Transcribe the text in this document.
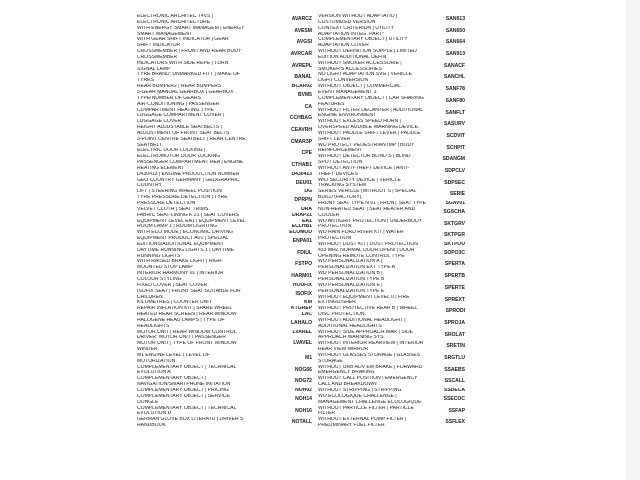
ELECTRONIC ARCHITEC T4VS |
ELECTRONIC ARCHITECTURE
WITH ENERGY SMART MANAGEM | ENERGY
SMART MANAGEMENT
WITH GEAR SHIFT INDICATOR | GEAR
SHIFT INDICATOR
CROSSMEMBER | FRONT AND REAR BODY
CROSSMEMBER
INDICATORS WITH SIDE REPE | TURN
SIGNAL LAMP
TYRE BRAND: UNMARKED FITT | MAKE OF
TYRES
REAR BUMPER2 | REAR BUMPERS
5-GEAR MANUAL GEARBOX | GEARBOX
TYPE/NUMBER OF GEARS
AIR-CONDITIONING | PASSENGER
COMPARTMENT HEATING TYPE
LUGGAGE COMPARTMENT COVER |
LUGGAGE COVER
HEIGHT ADJUSTABLE SEATBELTS |
ADJUSTMENT OF FRONT SEAT BELTS
3-POINT CENTRE SEATBELT | REAR CENTRE
SEATBELT.
ELECTRIC DOOR LOCKING |
ELECTROMOTOR DOOR LOCKING
PASSENGER COMPARTMENT HEA | ENGINE
HEATING ELEMENT
D430413 | ENGINE PRODUCTION NUMBER
GEO COUNTRY GERMANY | GEOGRAPHIC
COUNTRY
LIFT | STEERING WHEEL POSITION
TYRE PRESSURE DETECTION | TYRE
PRESSURE DETECTION
VELVET CLOTH | SEAT TRIMS
FABRIC SEAT-LINING K 21 | SEAT COVERS
EQUIPMENT LEVEL EA1 | EQUIPMENT LEVEL
ROOM LAMP 1 | ROOM LIGHTING
WITH ECO MODE | ECONOMIC DRIVING
EQUIPMENT PRODUCT A01 | SPECIAL
EDITIONS/ADDITIONAL EQUIPMENT
DAYTIME RUNNING LIGHTS 1 | DAYTIME
RUNNING LIGHTS
WITH RAISED BRAKE LIGHT | HIGH
MOUNTED STOP LAMP
INTERIOR HARMONY 01 | INTERIOR
COLOUR STYLING
FIXED COVER | SEAT COVER.
ISOFIX SEAT | FRONT SEAT SUITABLE FOR
CHILDREN
KILOMETRES | COUNTER UNIT
REPAIR INFLATION KIT | SPARE WHEEL
HEATED REAR SCREEN | REAR WINDOW
HALOGENE HEAD LAMPS | TYPE OF
HEADLIGHTS
MOTOR UNIT | REAR WINDOW CONTROL
DRIVER: MOTOR UNIT / PASSENGER
MOTOR UNIT | TYPE OF FRONT WINDOW
WINDER.
M1 ENGINE LEVEL | LEVEL OF
MOTORIZATION
COMPLEMENTARY OBJECT | TECHNICAL
EVOLUTION A
COMPLEMENTARY OBJECT |
NAVIGATION/SMARTPHONE IMITATION
COMPLEMENTARY OBJECT | PRICING
COMPLEMENTARY OBJECT | SERVICE
DONGLE
COMPLEMENTARY OBJECT | TECHNICAL
EVOLUTION D
GERMAN GLOVE BOX LITERATU | DRIVER'S
HANDBOOK
AVARCZ
AVESM
AVGSI
AVRCAR
AVREPL
BANAL
BCAR02
BVM5
CA
CCHBAG
CEAVRH
CMAR3P
CPE
CTHAB1
D430413
DEU01
DG
DPRPN
DRA
DRAP21
EA1
ECLHB1
ECOMOD
ENPA01
FDIUL
FSTPO
HARM01
HOUFIX
ISOFIX
KM
KTGREP
LAC
LAHALO
LVAREL
LVAVEL
M1
NOG66
NOG72
NOH02
NOH14
NOH16
NOTALL
VERSION WITHOUT ADAPTATIO |
CUSTOMIZED VERSION
CONTEXT CRITERION | UTILITY
ADAPTATION INTEG. PART*
COMPLEMENTARY OBJECT | UTILITY
ADAPTATION COVER
WITHOUT DEFINITION SUPPLE | LIMITED
EDITION ADDITIONAL DEFIN
WITHOUT SMOKER ACCESSORIE |
SMOKER'S ACCESSORIES
NO LIGHT ADAPTATION SVG | VEHICLE
LIGHT CONVERSION
WITHOUT OBJECT | COMMERCIAL
EVENT MANAGEMENT 3
COMPLEMENTARY OBJECT | CAR SHARING
FEATURES
WITHOUT FILTER DECANTER | ADDITIONAL
ENGINE ENVIRONMENT
WITHOUT EXCESS SPEED HORN |
OVERSPEED AUDIBLE WARNING DEVICE.
WITHOUT PADDLE SHIFT LEVER | PADDLE
SHIFT LEVER
WO PROTECT PEDESTRIAN IMP | BODY
REINFORCEMENT
WITHOUT DETECTOR BLIND S | BLIND
SPOT DETECTION
WITHOUT ANTI-THEFT DEVICE | ANTI-
THEFT DEVICES
W/O SECURITY DEVICE | VEHICLE
TRACKING SYSTEM
SERIES VEHICLE (WITHOUT S | SPECIAL
BUILD (FACTORY).
FRONT SEAT TYPE N 01 | FRONT SEAT TYPE
NON-HEATED SEAT | SEAT HEATER AND
COOLER
WO ANTIGRIT PROTECTION | UNDERBODY
PROTECTION
WO RAIN FORD RIVER KIT | WATER
PROTECTION
WITHOUT DUST KIT | DUST PROTECTION
433 MHZ NORMAL DOOR OPENI | DOOR
OPENING REMOTE CONTROL TYPE
WO PERSONALIZATION A |
PERSONALIZATION EXT TYPE A
WO PERSONALIZATION B |
PERSONALIZATION TYPE B
WO PERSONALIZATION E |
PERSONALIZATION TYPE E
WITHOUT EQUIPMENT LEVEL 0 | FIRE
EXTINGUISHER
WITHOUT PROTECTIVE REAR B | WHEEL
DISC PROTECTION.
WITHOUT ADDITIONAL HEADLIGHT |
ADDITIONAL HEADLIGHTS
WITHOUT SIDE APPROACH WAR | SIDE
APPROACH WARNING SYS
WITHOUT INTERIOR REARVIEW | INTERIOR
REAR VIEW MIRROR
WITHOUT GLASSES STORAGE | GLASSES
STORAGE
WITHOUT URB ADV EM BRAKE | FORWARD
EMERGENCY BRAKING
WITHOUT CALL POSITION | EMERGENCY
CALL AND BREAKDOWN
WITHOUT STRIPPING | STRIPPING
WO ECOLOGIQUE CHALLENGE |
MANAGEMENT CHALLENGE ECOLOGIQUE
WITHOUT PARTICLE FILTER | PARTICLE
FILTER
WITHOUT EXTERNAL PUMP FILTER |
PRELIMINARY FUEL FILTER.
SAN613
SAN650
SAN664
SAN913
SANACF
SANCHL
SANF78
SANF80
SANFLT
SASURV
SCDVIT
SCHPIT
SDANGM
SDPCLV
SDPSEC
SERIE
SGAV01
SGSCHA
SKTGRV
SKTPGR
SKTPOU
SOPO3C
SPERTA
SPERTB
SPERTE
SPREXT
SPRODI
SPROJA
SROLAT
SRETIN
SRGTLU
SSAEBS
SSCALL
SSDECA
SSECOC
SSFAP
SSFLEX
